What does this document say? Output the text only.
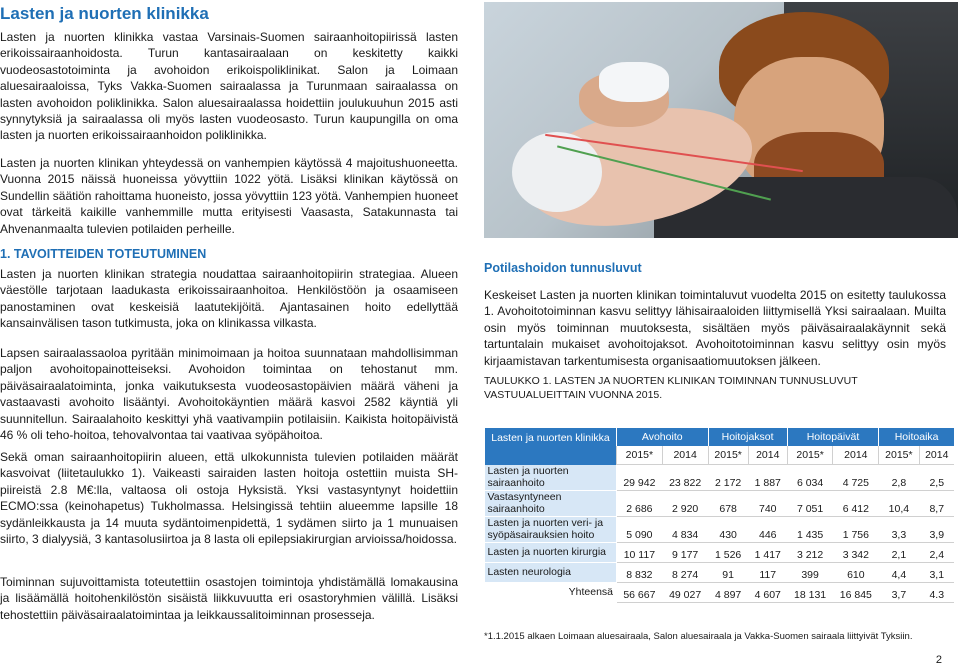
Lasten ja nuorten klinikka

Lasten ja nuorten klinikka vastaa Varsinais-Suomen sairaanhoitopiirissä lasten erikoissairaanhoidosta. Turun kantasairaalaan on keskitetty kaikki vuodeosastotoiminta ja avohoidon erikoispoliklinikat. Salon ja Loimaan aluesairaaloissa, Tyks Vakka-Suomen sairaalassa ja Turunmaan sairaalassa on lasten avohoidon poliklinikka. Salon aluesairaalassa hoidettiin joulukuuhun 2015 asti synnytyksiä ja sairaalassa oli myös lasten vuodeosasto. Turun kaupungilla on oma lasten ja nuorten erikoissairaanhoidon poliklinikka.

Lasten ja nuorten klinikan yhteydessä on vanhempien käytössä 4 majoitushuoneetta. Vuonna 2015 näissä huoneissa yövyttiin 1022 yötä. Lisäksi klinikan käytössä on Sundellin säätiön rahoittama huoneisto, jossa yövyttiin 123 yötä. Vanhempien huoneet ovat tärkeitä kaikille vanhemmille mutta erityisesti Vaasasta, Satakunnasta tai Ahvenanmaalta tulevien potilaiden perheille.

1. TAVOITTEIDEN TOTEUTUMINEN

Lasten ja nuorten klinikan strategia noudattaa sairaanhoitopiirin strategiaa. Alueen väestölle tarjotaan laadukasta erikoissairaanhoitoa. Henkilöstöön ja osaamiseen panostaminen ovat keskeisiä laatutekijöitä. Ajantasainen hoito edellyttää kansainvälisen tason tutkimusta, joka on klinikassa vilkasta.

Lapsen sairaalassaoloa pyritään minimoimaan ja hoitoa suunnataan mahdollisimman paljon avohoitopainotteiseksi. Avohoidon toimintaa on tehostanut mm. päiväsairaalatoiminta, jonka vaikutuksesta vuodeosastopäivien määrä väheni ja vastaavasti avohoito lisääntyi. Avohoitokäyntien määrä kasvoi 2582 käyntiä yli suunnitellun. Sairaalahoito keskittyi yhä vaativampiin potilaisiin. Kaikista hoitopäivistä 46 % oli teho-hoitoa, tehovalvontaa tai vaativaa syöpähoitoa.

Sekä oman sairaanhoitopiirin alueen, että ulkokunnista tulevien potilaiden määrät kasvoivat (liitetaulukko 1). Vaikeasti sairaiden lasten hoitoja ostettiin muista SH-piireistä 2.8 M€:lla, valtaosa oli ostoja Hyksistä. Yksi vastasyntynyt hoidettiin ECMO:ssa (keinohapetus) Tukholmassa. Helsingissä tehtiin alueemme lapsille 18 sydänleikkausta ja 14 muuta sydäntoimenpidettä, 1 sydämen siirto ja 1 munuaisen siirto, 3 dialyysiä, 3 kantasolusiirtoa ja 8 lasta oli epilepsiakirurgian arvioissa/hoidossa.

Toiminnan sujuvoittamista toteutettiin osastojen toimintoja yhdistämällä lomakausina ja lisäämällä hoitohenkilöstön sisäistä liikkuvuutta eri osastoryhmien välillä. Lisäksi tehostettiin päiväsairaalatoimintaa ja leikkaussalitoiminnan prosesseja.

Potilashoidon tunnusluvut

Keskeiset Lasten ja nuorten klinikan toimintaluvut vuodelta 2015 on esitetty taulukossa 1. Avohoitotoiminnan kasvu selittyy lähisairaaloiden liittymisellä Yksi sairaalaan. Muilta osin myös toiminnan muutoksesta, sisältäen myös päiväsairaalakäynnit sekä tartuntalain mukaiset avohoitojaksot. Avohoitotoiminnan kasvu selittyy osin myös kirjaamistavan tarkentumisesta organisaatiomuutoksen jälkeen.

TAULUKKO 1. LASTEN JA NUORTEN KLINIKAN TOIMINNAN TUNNUSLUVUT VASTUUALUEITTAIN VUONNA 2015.

Lasten ja nuorten klinikka	Avohoito		Hoitojaksot		Hoitopäivät		Hoitoaika	
	2015*	2014	2015*	2014	2015*	2014	2015*	2014
Lasten ja nuorten sairaanhoito	29 942	23 822	2 172	1 887	6 034	4 725	2,8	2,5
Vastasyntyneen sairaanhoito	2 686	2 920	678	740	7 051	6 412	10,4	8,7
Lasten ja nuorten veri- ja syöpäsairauksien hoito	5 090	4 834	430	446	1 435	1 756	3,3	3,9
Lasten ja nuorten kirurgia	10 117	9 177	1 526	1 417	3 212	3 342	2,1	2,4
Lasten neurologia	8 832	8 274	91	117	399	610	4,4	3,1
Yhteensä	56 667	49 027	4 897	4 607	18 131	16 845	3,7	4.3

*1.1.2015 alkaen Loimaan aluesairaala, Salon aluesairaala ja Vakka-Suomen sairaala liittyivät Tyksiin.

2
